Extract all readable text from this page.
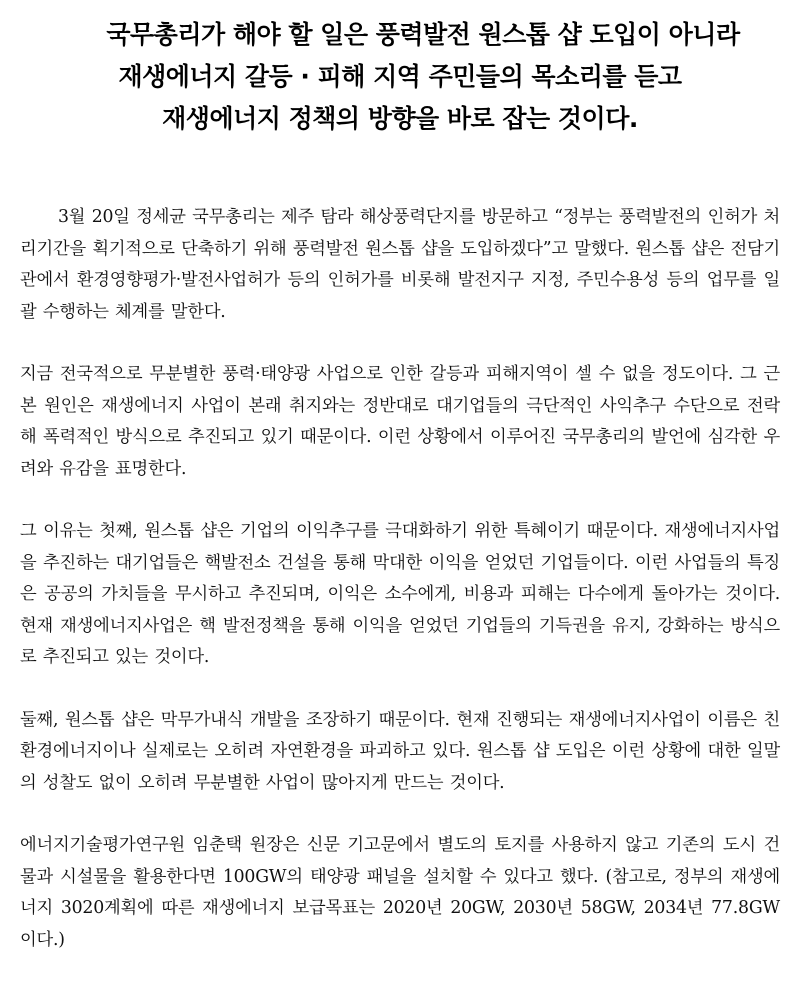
국무총리가 해야 할 일은 풍력발전 원스톱 샵 도입이 아니라
재생에너지 갈등 · 피해 지역 주민들의 목소리를 듣고
재생에너지 정책의 방향을 바로 잡는 것이다.

3월 20일 정세균 국무총리는 제주 탐라 해상풍력단지를 방문하고 “정부는 풍력발전의 인허가 처리기간을 획기적으로 단축하기 위해 풍력발전 원스톱 샵을 도입하겠다”고 말했다. 원스톱 샵은 전담기관에서 환경영향평가·발전사업허가 등의 인허가를 비롯해 발전지구 지정, 주민수용성 등의 업무를 일괄 수행하는 체계를 말한다.

지금 전국적으로 무분별한 풍력·태양광 사업으로 인한 갈등과 피해지역이 셀 수 없을 정도이다. 그 근본 원인은 재생에너지 사업이 본래 취지와는 정반대로 대기업들의 극단적인 사익추구 수단으로 전락해 폭력적인 방식으로 추진되고 있기 때문이다. 이런 상황에서 이루어진 국무총리의 발언에 심각한 우려와 유감을 표명한다.

그 이유는 첫째, 원스톱 샵은 기업의 이익추구를 극대화하기 위한 특혜이기 때문이다. 재생에너지사업을 추진하는 대기업들은 핵발전소 건설을 통해 막대한 이익을 얻었던 기업들이다. 이런 사업들의 특징은 공공의 가치들을 무시하고 추진되며, 이익은 소수에게, 비용과 피해는 다수에게 돌아가는 것이다. 현재 재생에너지사업은 핵 발전정책을 통해 이익을 얻었던 기업들의 기득권을 유지, 강화하는 방식으로 추진되고 있는 것이다.

둘째, 원스톱 샵은 막무가내식 개발을 조장하기 때문이다. 현재 진행되는 재생에너지사업이 이름은 친환경에너지이나 실제로는 오히려 자연환경을 파괴하고 있다. 원스톱 샵 도입은 이런 상황에 대한 일말의 성찰도 없이 오히려 무분별한 사업이 많아지게 만드는 것이다.

에너지기술평가연구원 임춘택 원장은 신문 기고문에서 별도의 토지를 사용하지 않고 기존의 도시 건물과 시설물을 활용한다면 100GW의 태양광 패널을 설치할 수 있다고 했다. (참고로, 정부의 재생에너지 3020계획에 따른 재생에너지 보급목표는 2020년 20GW, 2030년 58GW, 2034년 77.8GW 이다.)
